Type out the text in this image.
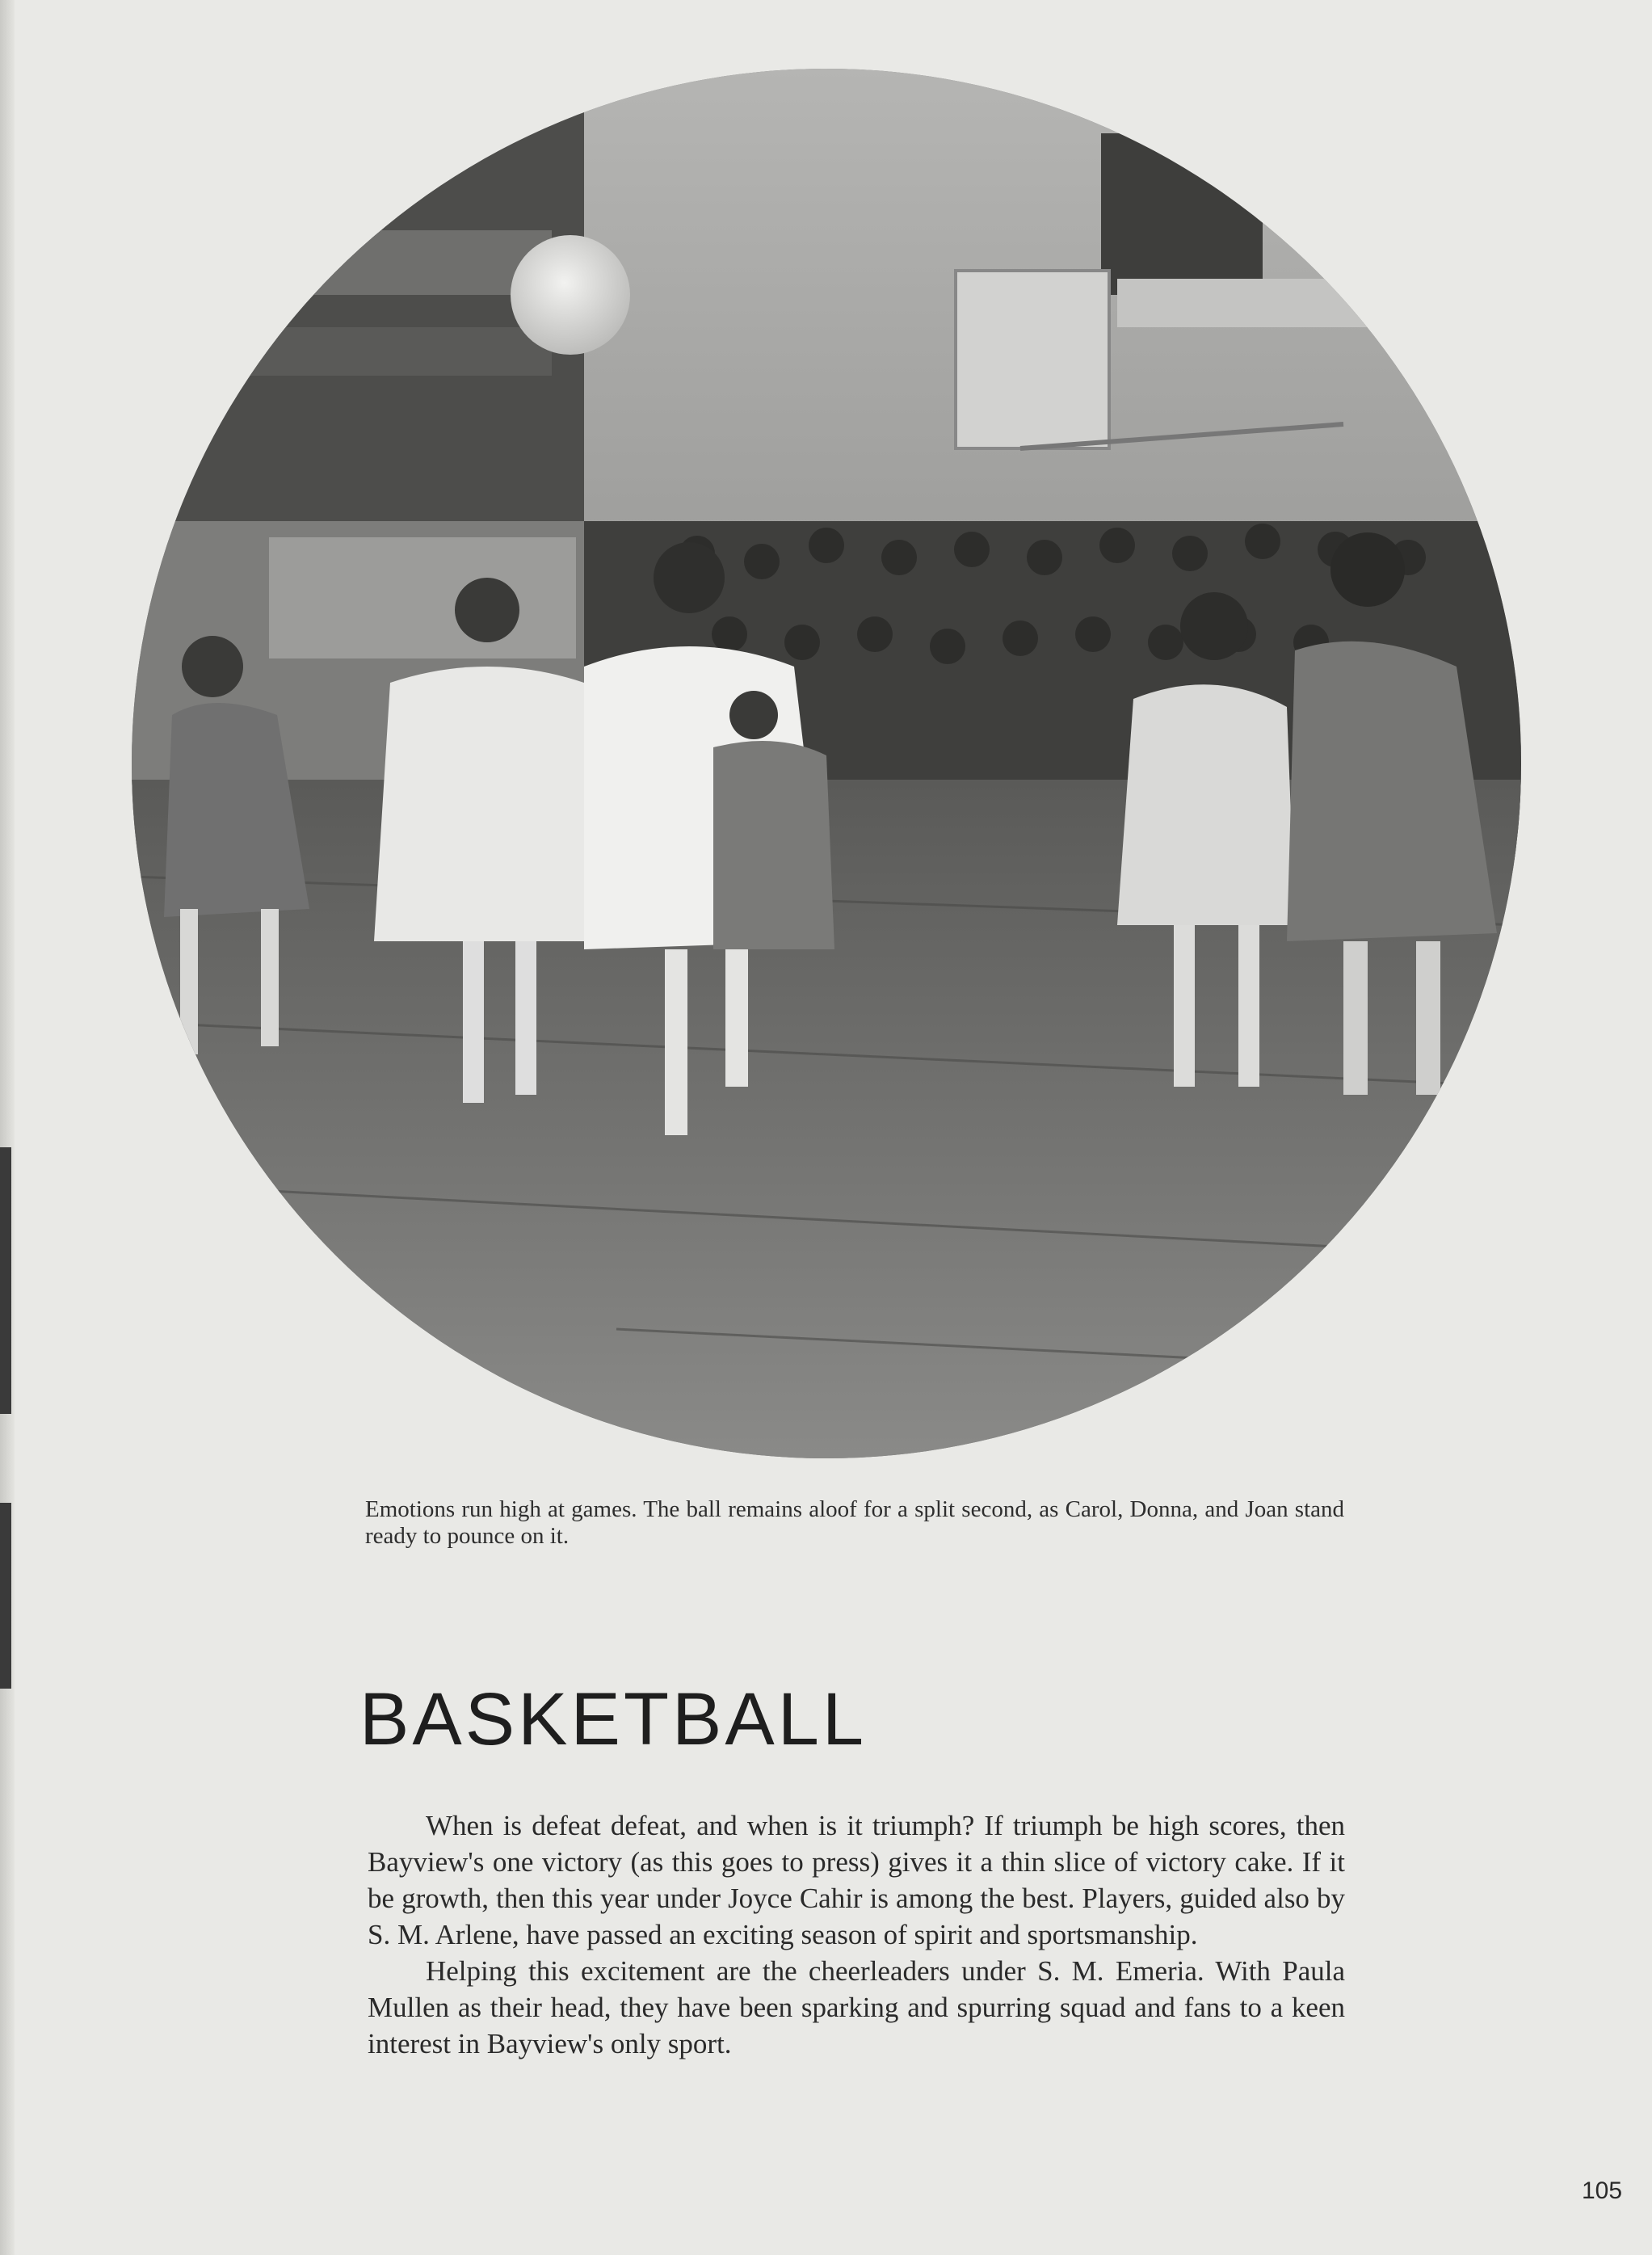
Emotions run high at games. The ball remains aloof for a split second, as Carol, Donna, and Joan stand ready to pounce on it.
BASKETBALL

When is defeat defeat, and when is it triumph? If triumph be high scores, then Bayview's one victory (as this goes to press) gives it a thin slice of victory cake. If it be growth, then this year under Joyce Cahir is among the best. Players, guided also by S. M. Arlene, have passed an exciting season of spirit and sportsmanship.

Helping this excitement are the cheerleaders under S. M. Emeria. With Paula Mullen as their head, they have been sparking and spurring squad and fans to a keen interest in Bayview's only sport.

105
